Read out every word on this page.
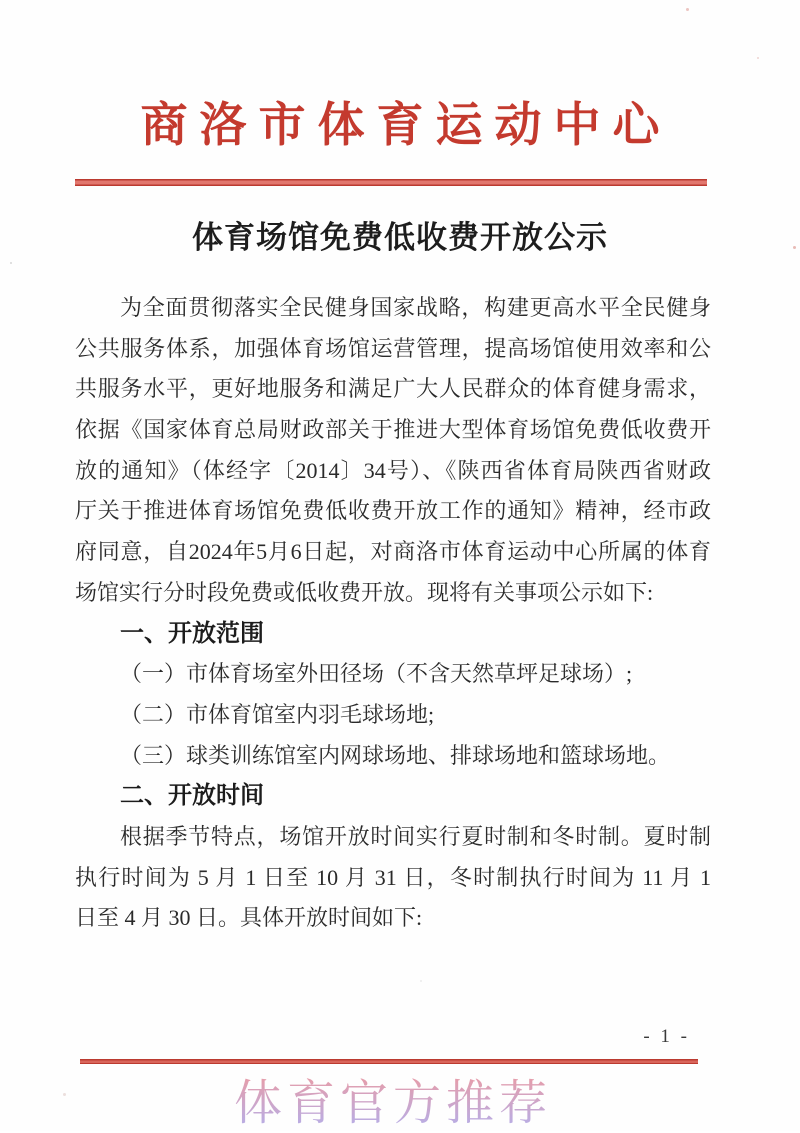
商洛市体育运动中心
体育场馆免费低收费开放公示
为全面贯彻落实全民健身国家战略，构建更高水平全民健身
公共服务体系，加强体育场馆运营管理，提高场馆使用效率和公
共服务水平，更好地服务和满足广大人民群众的体育健身需求，
依据《国家体育总局财政部关于推进大型体育场馆免费低收费开
放的通知》（体经字〔2014〕34号）、《陕西省体育局陕西省财政
厅关于推进体育场馆免费低收费开放工作的通知》精神，经市政
府同意，自2024年5月6日起，对商洛市体育运动中心所属的体育
场馆实行分时段免费或低收费开放。现将有关事项公示如下:
一、开放范围
（一）市体育场室外田径场（不含天然草坪足球场）;
（二）市体育馆室内羽毛球场地;
（三）球类训练馆室内网球场地、排球场地和篮球场地。
二、开放时间
根据季节特点，场馆开放时间实行夏时制和冬时制。夏时制
执行时间为 5 月 1 日至 10 月 31 日，冬时制执行时间为 11 月 1
日至 4 月 30 日。具体开放时间如下:
- 1 -
体育官方推荐
